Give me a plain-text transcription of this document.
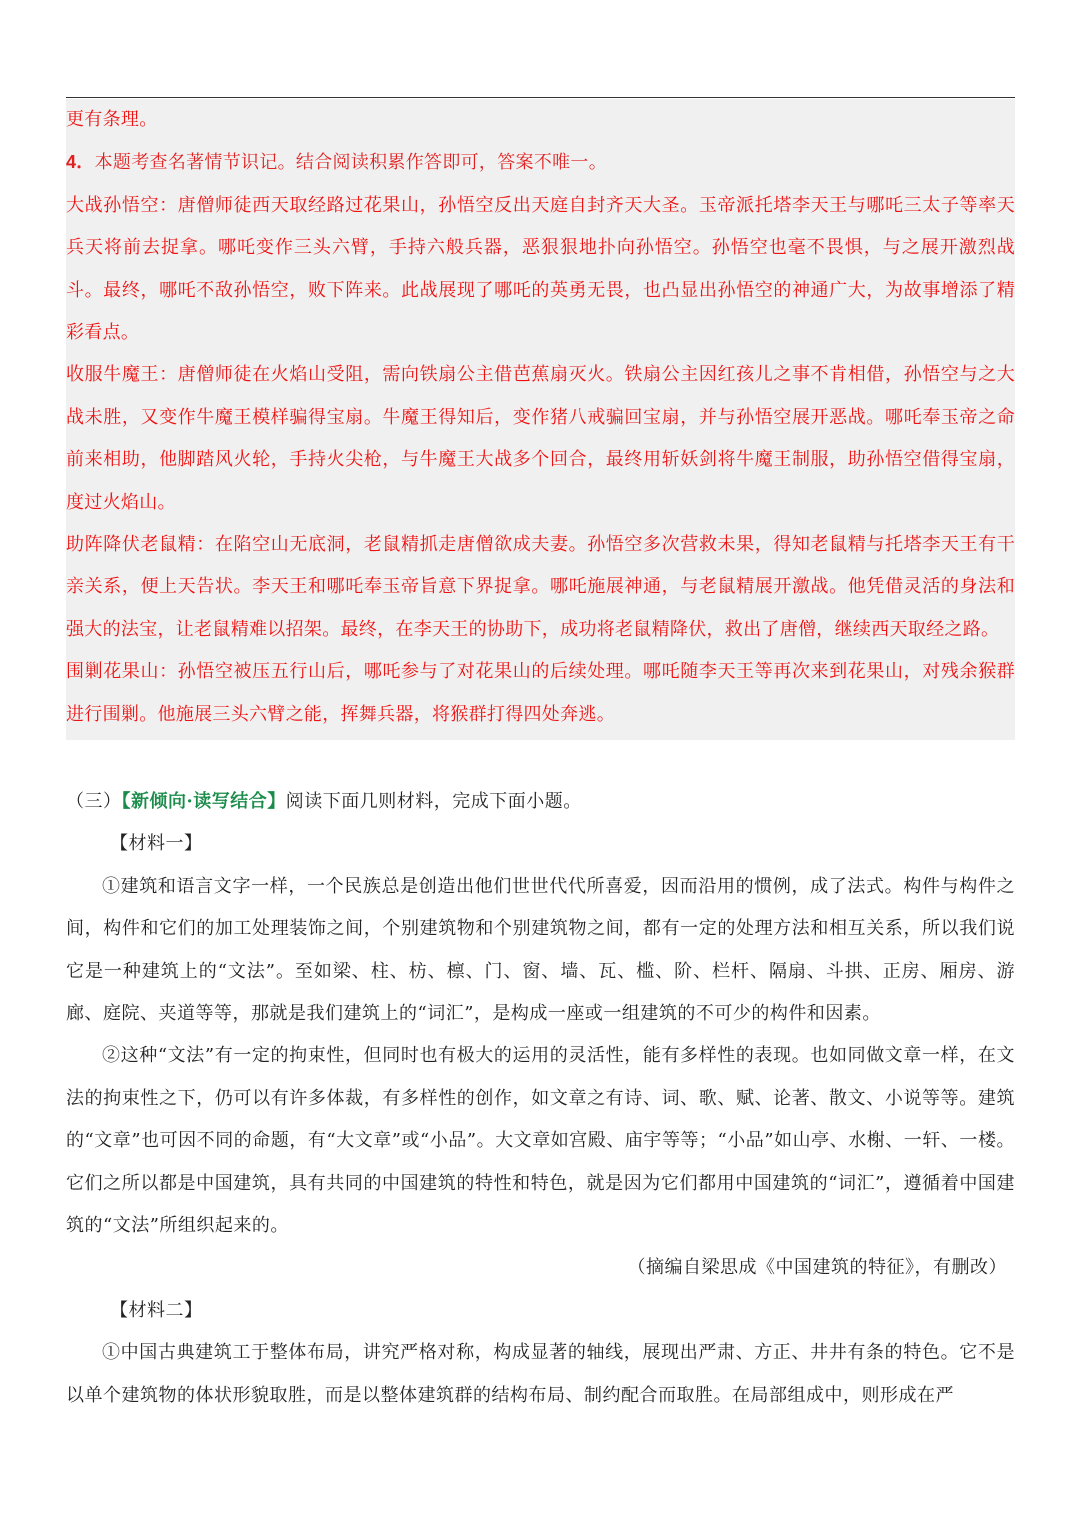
更有条理。

4．本题考查名著情节识记。结合阅读积累作答即可，答案不唯一。

大战孙悟空：唐僧师徒西天取经路过花果山，孙悟空反出天庭自封齐天大圣。玉帝派托塔李天王与哪吒三太子等率天兵天将前去捉拿。哪吒变作三头六臂，手持六般兵器，恶狠狠地扑向孙悟空。孙悟空也毫不畏惧，与之展开激烈战斗。最终，哪吒不敌孙悟空，败下阵来。此战展现了哪吒的英勇无畏，也凸显出孙悟空的神通广大，为故事增添了精彩看点。

收服牛魔王：唐僧师徒在火焰山受阻，需向铁扇公主借芭蕉扇灭火。铁扇公主因红孩儿之事不肯相借，孙悟空与之大战未胜，又变作牛魔王模样骗得宝扇。牛魔王得知后，变作猪八戒骗回宝扇，并与孙悟空展开恶战。哪吒奉玉帝之命前来相助，他脚踏风火轮，手持火尖枪，与牛魔王大战多个回合，最终用斩妖剑将牛魔王制服，助孙悟空借得宝扇，度过火焰山。

助阵降伏老鼠精：在陷空山无底洞，老鼠精抓走唐僧欲成夫妻。孙悟空多次营救未果，得知老鼠精与托塔李天王有干亲关系，便上天告状。李天王和哪吒奉玉帝旨意下界捉拿。哪吒施展神通，与老鼠精展开激战。他凭借灵活的身法和强大的法宝，让老鼠精难以招架。最终，在李天王的协助下，成功将老鼠精降伏，救出了唐僧，继续西天取经之路。

围剿花果山：孙悟空被压五行山后，哪吒参与了对花果山的后续处理。哪吒随李天王等再次来到花果山，对残余猴群进行围剿。他施展三头六臂之能，挥舞兵器，将猴群打得四处奔逃。

（三）【新倾向·读写结合】阅读下面几则材料，完成下面小题。

【材料一】

①建筑和语言文字一样，一个民族总是创造出他们世世代代所喜爱，因而沿用的惯例，成了法式。构件与构件之间，构件和它们的加工处理装饰之间，个别建筑物和个别建筑物之间，都有一定的处理方法和相互关系，所以我们说它是一种建筑上的“文法”。至如梁、柱、枋、檩、门、窗、墙、瓦、槛、阶、栏杆、隔扇、斗拱、正房、厢房、游廊、庭院、夹道等等，那就是我们建筑上的“词汇”，是构成一座或一组建筑的不可少的构件和因素。

②这种“文法”有一定的拘束性，但同时也有极大的运用的灵活性，能有多样性的表现。也如同做文章一样，在文法的拘束性之下，仍可以有许多体裁，有多样性的创作，如文章之有诗、词、歌、赋、论著、散文、小说等等。建筑的“文章”也可因不同的命题，有“大文章”或“小品”。大文章如宫殿、庙宇等等；“小品”如山亭、水榭、一轩、一楼。它们之所以都是中国建筑，具有共同的中国建筑的特性和特色，就是因为它们都用中国建筑的“词汇”，遵循着中国建筑的“文法”所组织起来的。

（摘编自梁思成《中国建筑的特征》，有删改）

【材料二】

①中国古典建筑工于整体布局，讲究严格对称，构成显著的轴线，展现出严肃、方正、井井有条的特色。它不是以单个建筑物的体状形貌取胜，而是以整体建筑群的结构布局、制约配合而取胜。在局部组成中，则形成在严
